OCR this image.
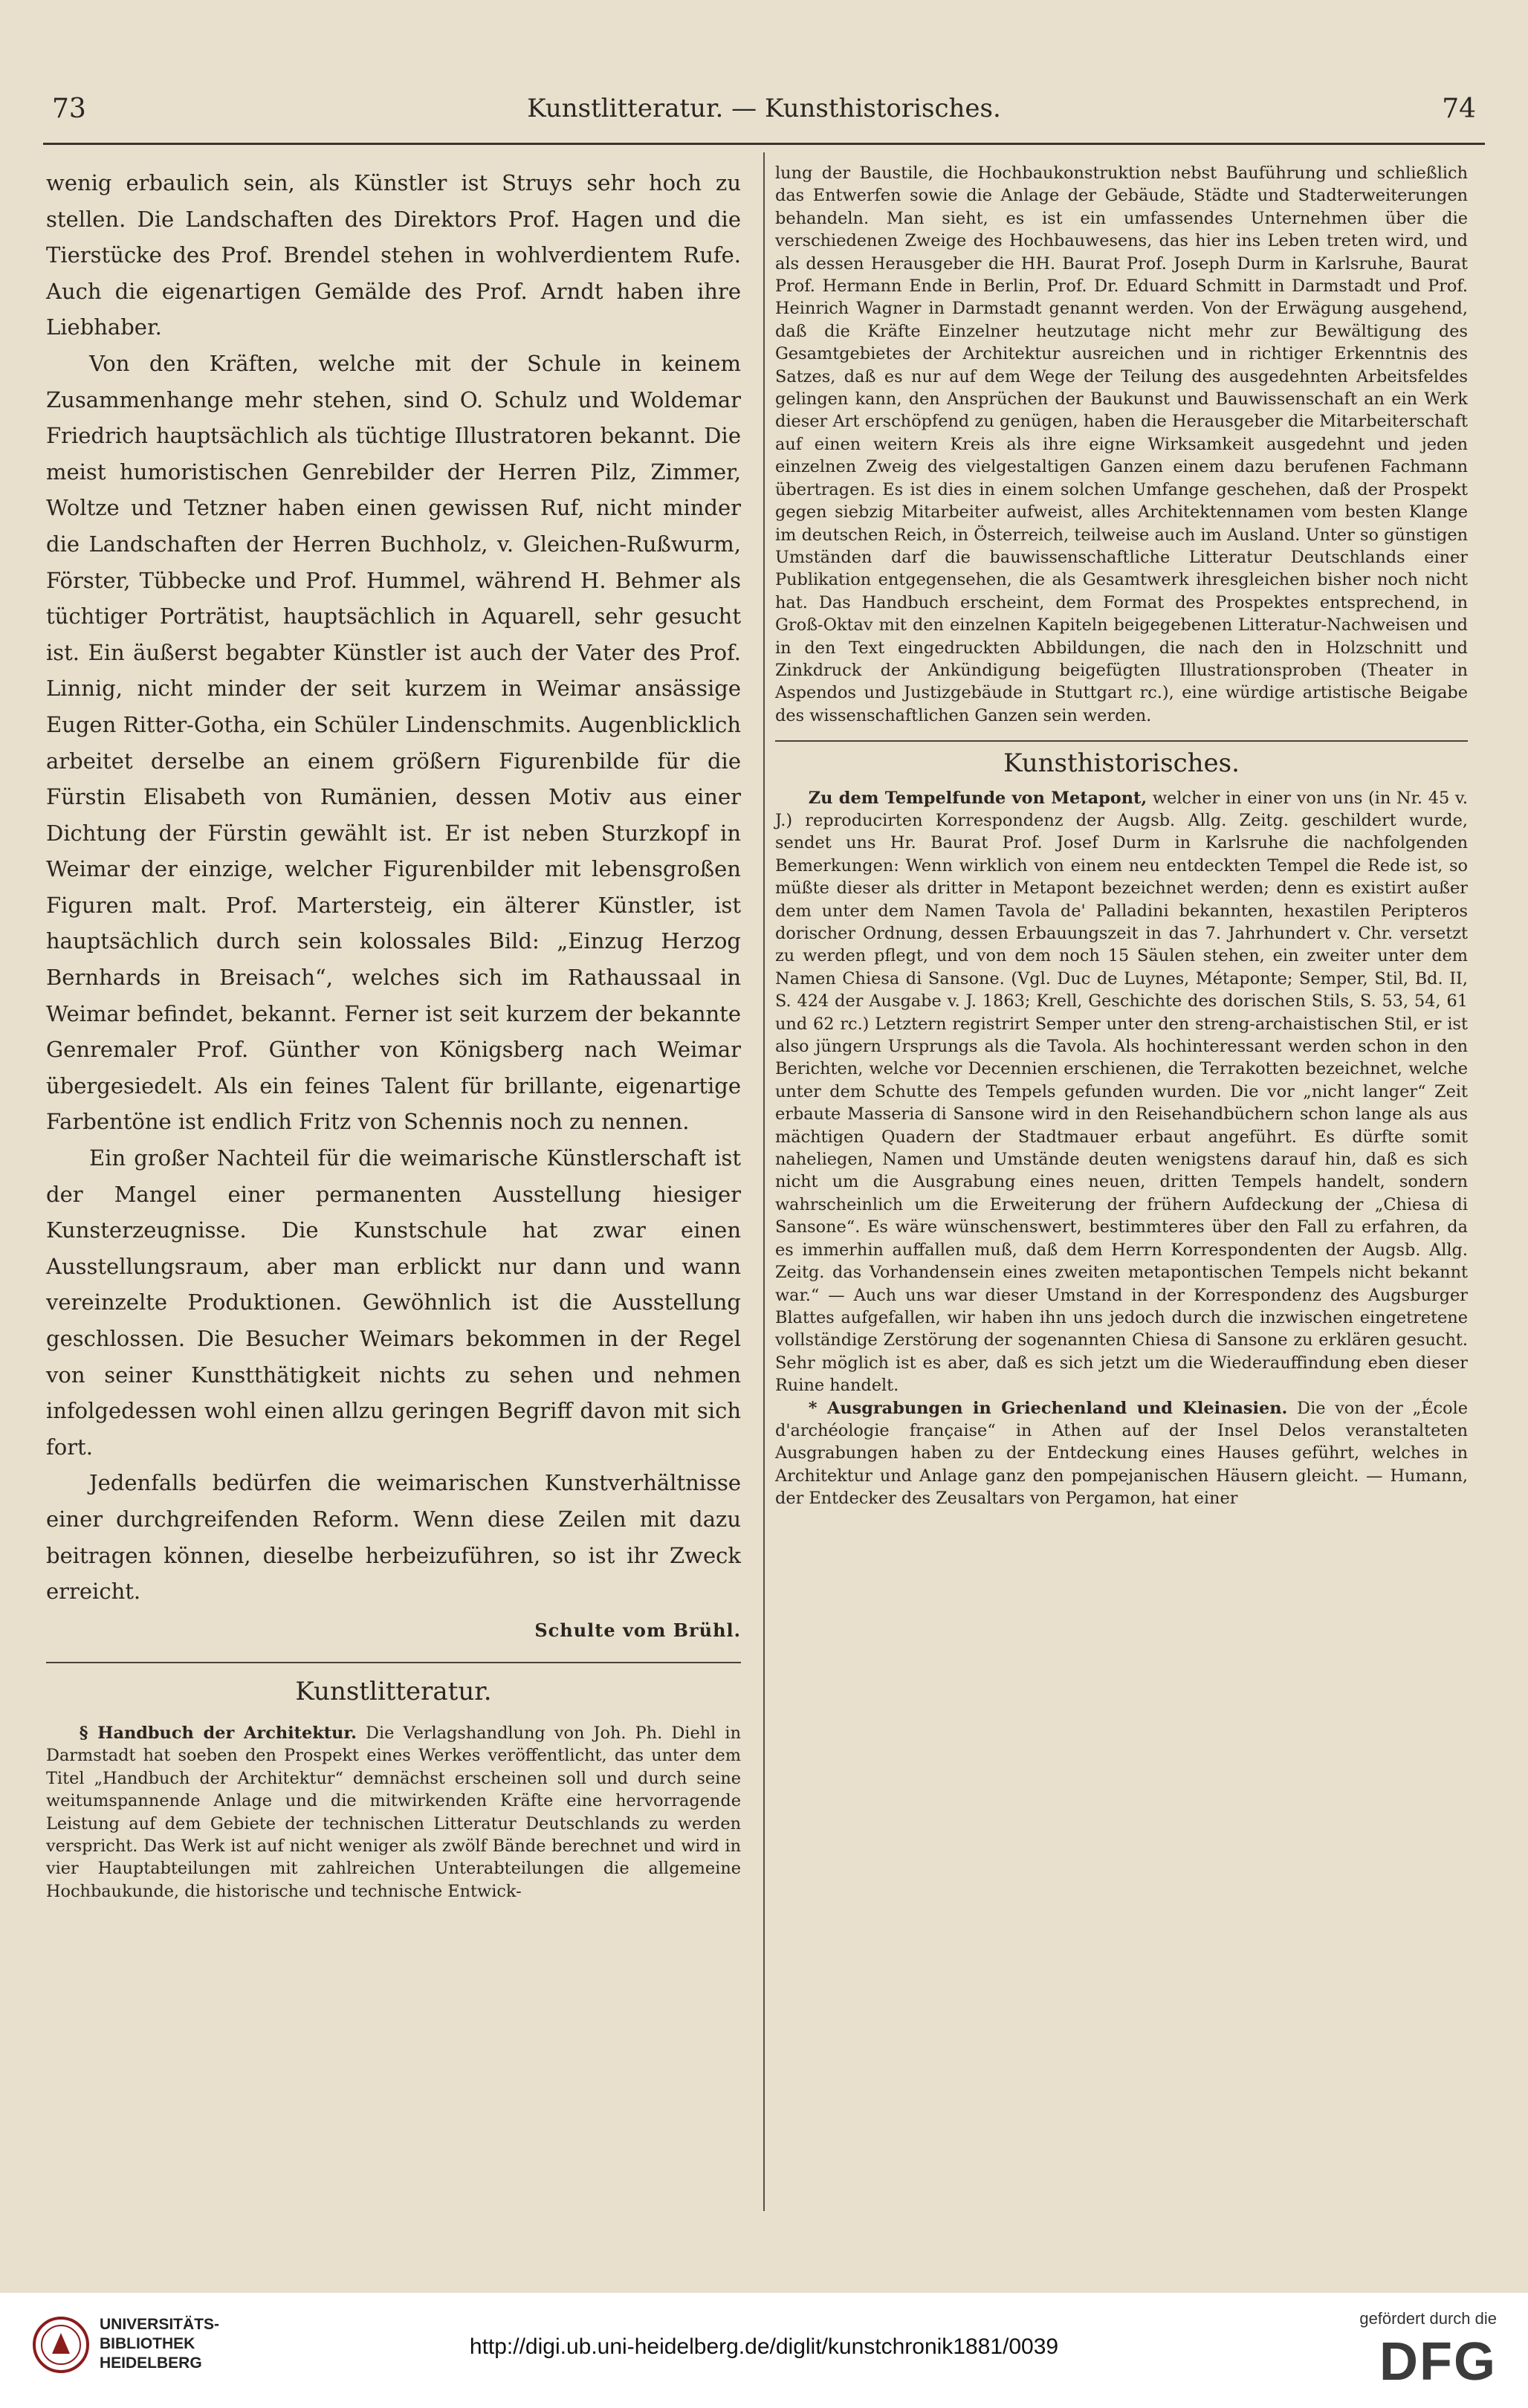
73	Kunstlitteratur. — Kunsthistorisches.	74

wenig erbaulich sein, als Künstler ist Struys sehr hoch zu stellen. Die Landschaften des Direktors Prof. Hagen und die Tierstücke des Prof. Brendel stehen in wohlverdientem Rufe. Auch die eigenartigen Gemälde des Prof. Arndt haben ihre Liebhaber.

Von den Kräften, welche mit der Schule in keinem Zusammenhange mehr stehen, sind O. Schulz und Woldemar Friedrich hauptsächlich als tüchtige Illustratoren bekannt. Die meist humoristischen Genrebilder der Herren Pilz, Zimmer, Woltze und Tetzner haben einen gewissen Ruf, nicht minder die Landschaften der Herren Buchholz, v. Gleichen-Rußwurm, Förster, Tübbecke und Prof. Hummel, während H. Behmer als tüchtiger Porträtist, hauptsächlich in Aquarell, sehr gesucht ist. Ein äußerst begabter Künstler ist auch der Vater des Prof. Linnig, nicht minder der seit kurzem in Weimar ansässige Eugen Ritter-Gotha, ein Schüler Lindenschmits. Augenblicklich arbeitet derselbe an einem größern Figurenbilde für die Fürstin Elisabeth von Rumänien, dessen Motiv aus einer Dichtung der Fürstin gewählt ist. Er ist neben Sturzkopf in Weimar der einzige, welcher Figurenbilder mit lebensgroßen Figuren malt. Prof. Martersteig, ein älterer Künstler, ist hauptsächlich durch sein kolossales Bild: „Einzug Herzog Bernhards in Breisach“, welches sich im Rathaussaal in Weimar befindet, bekannt. Ferner ist seit kurzem der bekannte Genremaler Prof. Günther von Königsberg nach Weimar übergesiedelt. Als ein feines Talent für brillante, eigenartige Farbentöne ist endlich Fritz von Schennis noch zu nennen.

Ein großer Nachteil für die weimarische Künstlerschaft ist der Mangel einer permanenten Ausstellung hiesiger Kunsterzeugnisse. Die Kunstschule hat zwar einen Ausstellungsraum, aber man erblickt nur dann und wann vereinzelte Produktionen. Gewöhnlich ist die Ausstellung geschlossen. Die Besucher Weimars bekommen in der Regel von seiner Kunstthätigkeit nichts zu sehen und nehmen infolgedessen wohl einen allzu geringen Begriff davon mit sich fort.

Jedenfalls bedürfen die weimarischen Kunstverhältnisse einer durchgreifenden Reform. Wenn diese Zeilen mit dazu beitragen können, dieselbe herbeizuführen, so ist ihr Zweck erreicht.

Schulte vom Brühl.

Kunstlitteratur.

§ Handbuch der Architektur. Die Verlagshandlung von Joh. Ph. Diehl in Darmstadt hat soeben den Prospekt eines Werkes veröffentlicht, das unter dem Titel „Handbuch der Architektur“ demnächst erscheinen soll und durch seine weitumspannende Anlage und die mitwirkenden Kräfte eine hervorragende Leistung auf dem Gebiete der technischen Litteratur Deutschlands zu werden verspricht. Das Werk ist auf nicht weniger als zwölf Bände berechnet und wird in vier Hauptabteilungen mit zahlreichen Unterabteilungen die allgemeine Hochbaukunde, die historische und technische Entwick-

lung der Baustile, die Hochbaukonstruktion nebst Bauführung und schließlich das Entwerfen sowie die Anlage der Gebäude, Städte und Stadterweiterungen behandeln. Man sieht, es ist ein umfassendes Unternehmen über die verschiedenen Zweige des Hochbauwesens, das hier ins Leben treten wird, und als dessen Herausgeber die HH. Baurat Prof. Joseph Durm in Karlsruhe, Baurat Prof. Hermann Ende in Berlin, Prof. Dr. Eduard Schmitt in Darmstadt und Prof. Heinrich Wagner in Darmstadt genannt werden. Von der Erwägung ausgehend, daß die Kräfte Einzelner heutzutage nicht mehr zur Bewältigung des Gesamtgebietes der Architektur ausreichen und in richtiger Erkenntnis des Satzes, daß es nur auf dem Wege der Teilung des ausgedehnten Arbeitsfeldes gelingen kann, den Ansprüchen der Baukunst und Bauwissenschaft an ein Werk dieser Art erschöpfend zu genügen, haben die Herausgeber die Mitarbeiterschaft auf einen weitern Kreis als ihre eigne Wirksamkeit ausgedehnt und jeden einzelnen Zweig des vielgestaltigen Ganzen einem dazu berufenen Fachmann übertragen. Es ist dies in einem solchen Umfange geschehen, daß der Prospekt gegen siebzig Mitarbeiter aufweist, alles Architektennamen vom besten Klange im deutschen Reich, in Österreich, teilweise auch im Ausland. Unter so günstigen Umständen darf die bauwissenschaftliche Litteratur Deutschlands einer Publikation entgegensehen, die als Gesamtwerk ihresgleichen bisher noch nicht hat. Das Handbuch erscheint, dem Format des Prospektes entsprechend, in Groß-Oktav mit den einzelnen Kapiteln beigegebenen Litteratur-Nachweisen und in den Text eingedruckten Abbildungen, die nach den in Holzschnitt und Zinkdruck der Ankündigung beigefügten Illustrationsproben (Theater in Aspendos und Justizgebäude in Stuttgart rc.), eine würdige artistische Beigabe des wissenschaftlichen Ganzen sein werden.

Kunsthistorisches.

Zu dem Tempelfunde von Metapont, welcher in einer von uns (in Nr. 45 v. J.) reproducirten Korrespondenz der Augsb. Allg. Zeitg. geschildert wurde, sendet uns Hr. Baurat Prof. Josef Durm in Karlsruhe die nachfolgenden Bemerkungen: Wenn wirklich von einem neu entdeckten Tempel die Rede ist, so müßte dieser als dritter in Metapont bezeichnet werden; denn es existirt außer dem unter dem Namen Tavola de' Palladini bekannten, hexastilen Peripteros dorischer Ordnung, dessen Erbauungszeit in das 7. Jahrhundert v. Chr. versetzt zu werden pflegt, und von dem noch 15 Säulen stehen, ein zweiter unter dem Namen Chiesa di Sansone. (Vgl. Duc de Luynes, Métaponte; Semper, Stil, Bd. II, S. 424 der Ausgabe v. J. 1863; Krell, Geschichte des dorischen Stils, S. 53, 54, 61 und 62 rc.) Letztern registrirt Semper unter den streng-archaistischen Stil, er ist also jüngern Ursprungs als die Tavola. Als hochinteressant werden schon in den Berichten, welche vor Decennien erschienen, die Terrakotten bezeichnet, welche unter dem Schutte des Tempels gefunden wurden. Die vor „nicht langer“ Zeit erbaute Masseria di Sansone wird in den Reisehandbüchern schon lange als aus mächtigen Quadern der Stadtmauer erbaut angeführt. Es dürfte somit naheliegen, Namen und Umstände deuten wenigstens darauf hin, daß es sich nicht um die Ausgrabung eines neuen, dritten Tempels handelt, sondern wahrscheinlich um die Erweiterung der frühern Aufdeckung der „Chiesa di Sansone“. Es wäre wünschenswert, bestimmteres über den Fall zu erfahren, da es immerhin auffallen muß, daß dem Herrn Korrespondenten der Augsb. Allg. Zeitg. das Vorhandensein eines zweiten metapontischen Tempels nicht bekannt war.“ — Auch uns war dieser Umstand in der Korrespondenz des Augsburger Blattes aufgefallen, wir haben ihn uns jedoch durch die inzwischen eingetretene vollständige Zerstörung der sogenannten Chiesa di Sansone zu erklären gesucht. Sehr möglich ist es aber, daß es sich jetzt um die Wiederauffindung eben dieser Ruine handelt.

* Ausgrabungen in Griechenland und Kleinasien. Die von der „École d'archéologie française“ in Athen auf der Insel Delos veranstalteten Ausgrabungen haben zu der Entdeckung eines Hauses geführt, welches in Architektur und Anlage ganz den pompejanischen Häusern gleicht. — Humann, der Entdecker des Zeusaltars von Pergamon, hat einer

UNIVERSITÄTS-
BIBLIOTHEK
HEIDELBERG
http://digi.ub.uni-heidelberg.de/diglit/kunstchronik1881/0039
gefördert durch die
DFG
